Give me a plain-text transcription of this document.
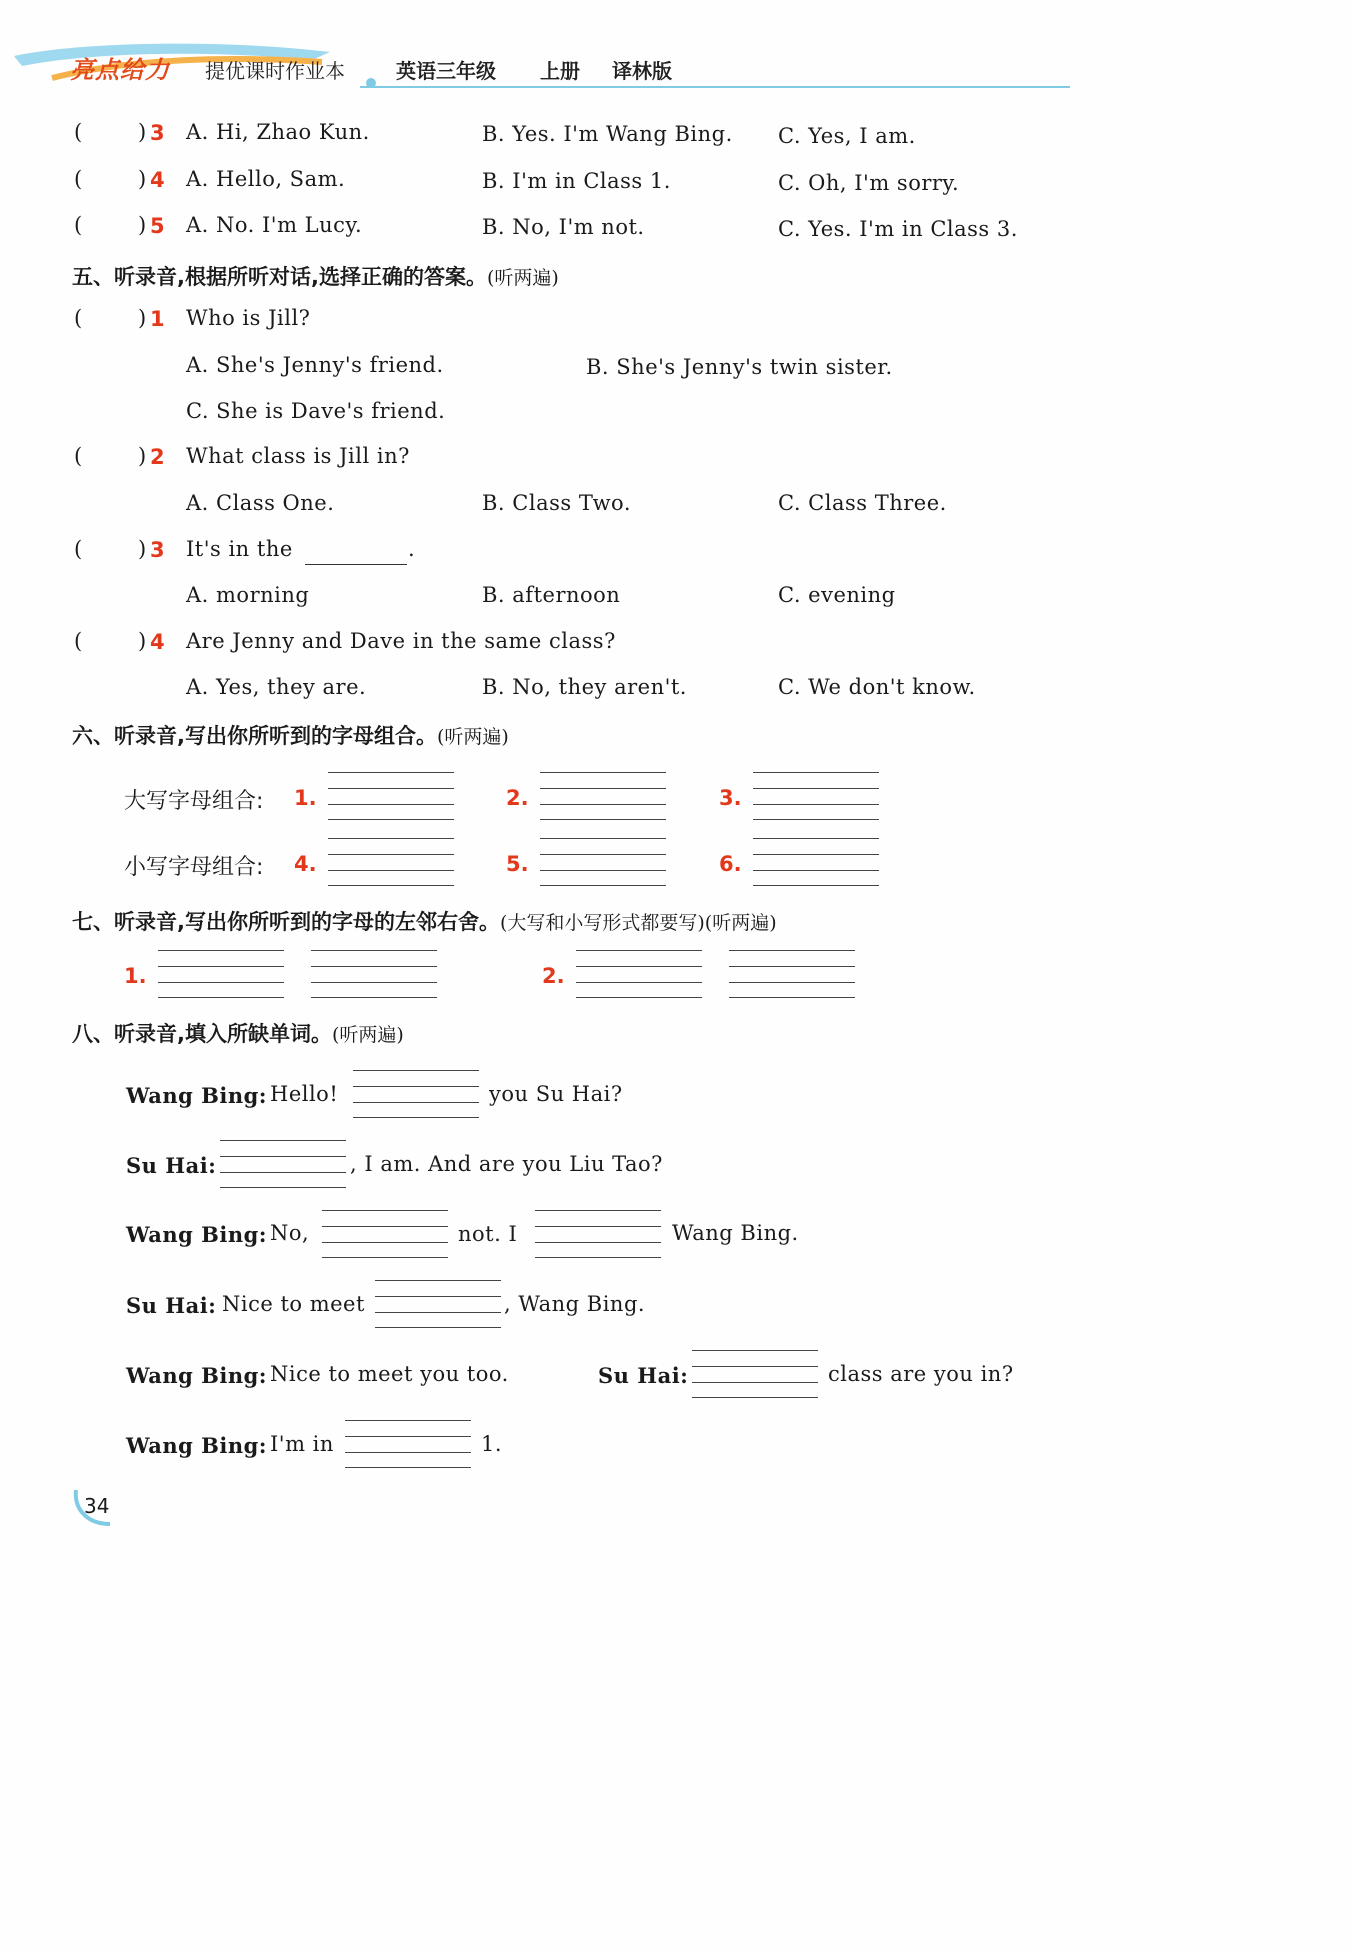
亮点给力 提优课时作业本	英语三年级 上册 译林版
(	) 3 A. Hi, Zhao Kun.	B. Yes. I'm Wang Bing. C. Yes, I am.
(	) 4 A. Hello, Sam.	B. I'm in Class 1.	C. Oh, I'm sorry.
(	) 5 A. No. I'm Lucy.	B. No, I'm not.	C. Yes. I'm in Class 3.
五、听录音,根据所听对话,选择正确的答案。(听两遍)
(	) 1 Who is Jill?
A. She's Jenny's friend.	B. She's Jenny's twin sister.
C. She is Dave's friend.
(	) 2 What class is Jill in?
A. Class One.	B. Class Two.	C. Class Three.
(	) 3 It's in the	.
A. morning	B. afternoon	C. evening
(	) 4 Are Jenny and Dave in the same class?
A. Yes, they are.	B. No, they aren't.	C. We don't know.
六、听录音,写出你所听到的字母组合。(听两遍)
大写字母组合: 1.	2.	3.
小写字母组合: 4.	5.	6.
七、听录音,写出你所听到的字母的左邻右舍。(大写和小写形式都要写)(听两遍)
1.	2.
八、听录音,填入所缺单词。(听两遍)
Wang Bing: Hello!	you Su Hai?
Su Hai:	, I am. And are you Liu Tao?
Wang Bing: No,	not. I	Wang Bing.
Su Hai: Nice to meet	, Wang Bing.
Wang Bing: Nice to meet you too.	Su Hai:	class are you in?
Wang Bing: I'm in	1.
34
